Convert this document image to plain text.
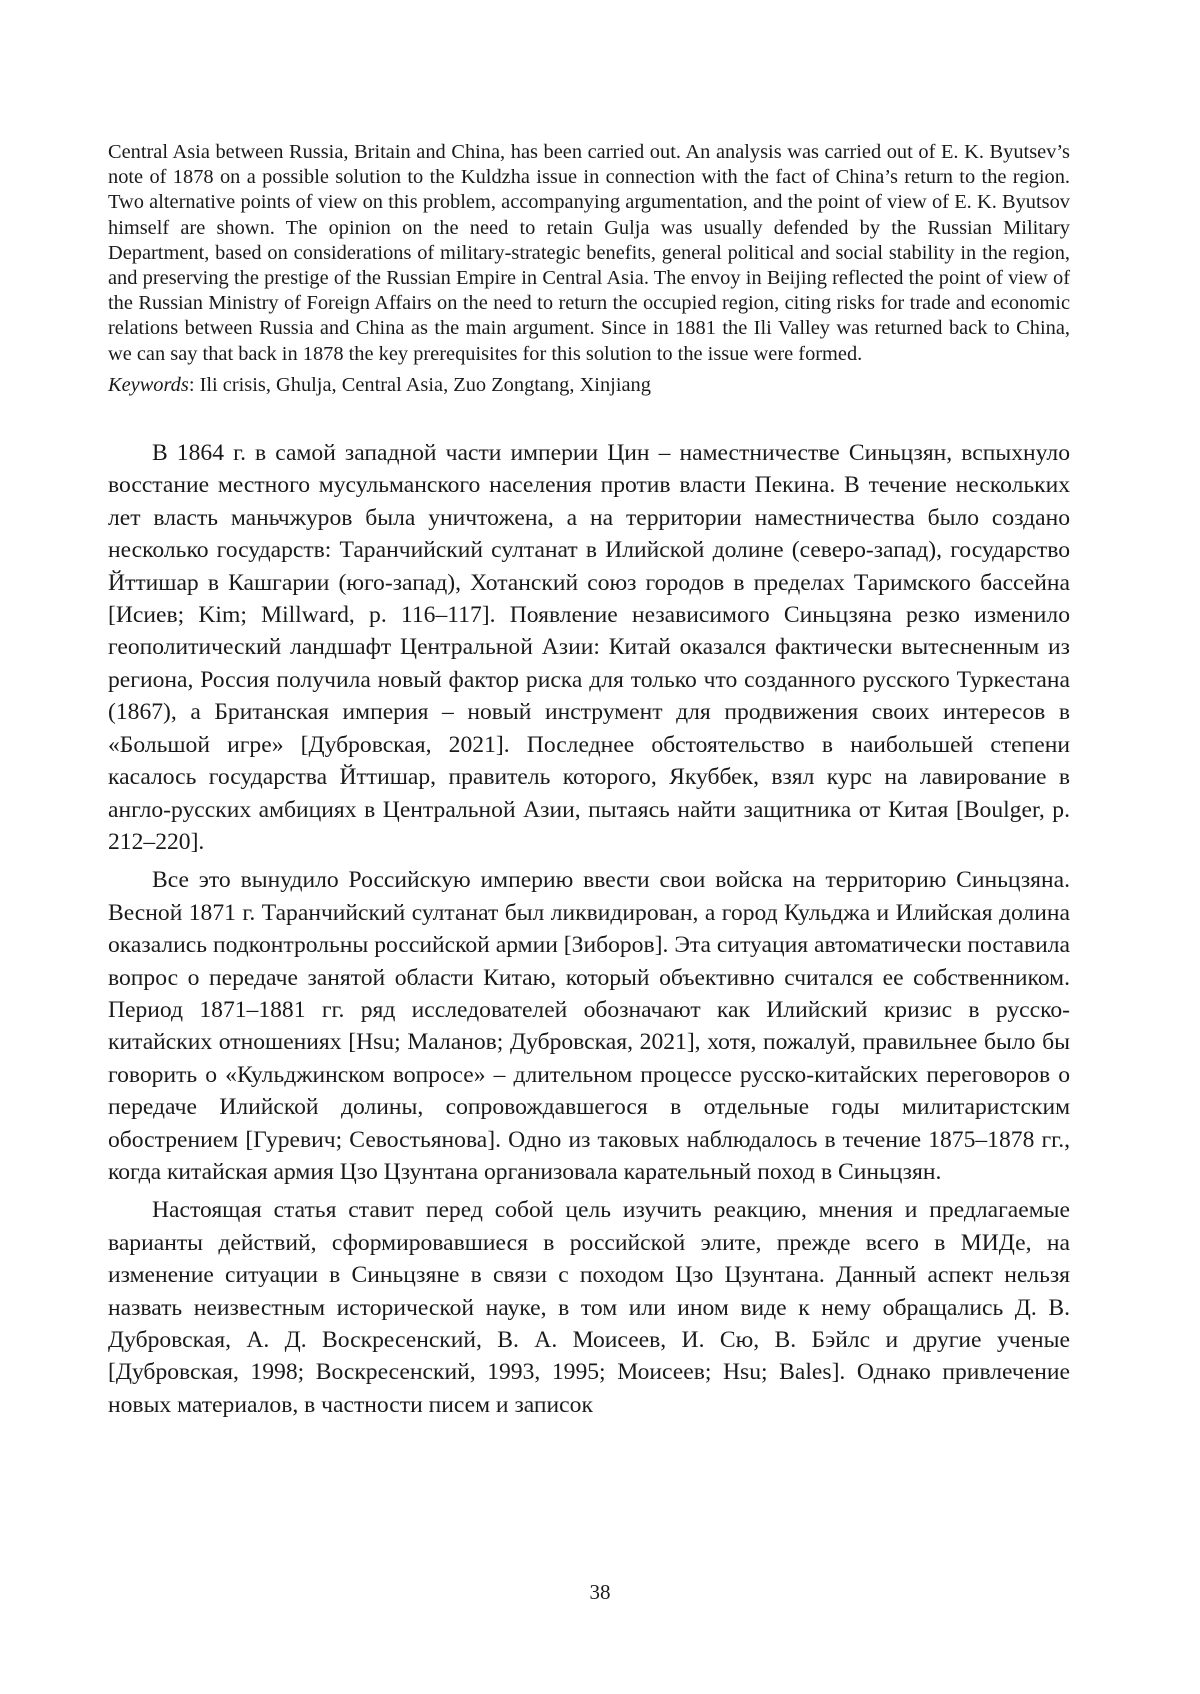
Central Asia between Russia, Britain and China, has been carried out. An analysis was carried out of E. K. Byutsev’s note of 1878 on a possible solution to the Kuldzha issue in connection with the fact of China’s return to the region. Two alternative points of view on this problem, accompanying argumentation, and the point of view of E. K. Byutsov himself are shown. The opinion on the need to retain Gulja was usually defended by the Russian Military Department, based on considerations of military-strategic benefits, general political and social stability in the region, and preserving the prestige of the Russian Empire in Central Asia. The envoy in Beijing reflected the point of view of the Russian Ministry of Foreign Affairs on the need to return the occupied region, citing risks for trade and economic relations between Russia and China as the main argument. Since in 1881 the Ili Valley was returned back to China, we can say that back in 1878 the key prerequisites for this solution to the issue were formed.

Keywords: Ili crisis, Ghulja, Central Asia, Zuo Zongtang, Xinjiang

В 1864 г. в самой западной части империи Цин – наместничестве Синьцзян, вспыхнуло восстание местного мусульманского населения против власти Пекина. В течение нескольких лет власть маньчжуров была уничтожена, а на территории наместничества было создано несколько государств: Таранчийский султанат в Илийской долине (северо-запад), государство Йттишар в Кашгарии (юго-запад), Хотанский союз городов в пределах Таримского бассейна [Исиев; Kim; Millward, p. 116–117]. Появление независимого Синьцзяна резко изменило геополитический ландшафт Центральной Азии: Китай оказался фактически вытесненным из региона, Россия получила новый фактор риска для только что созданного русского Туркестана (1867), а Британская империя – новый инструмент для продвижения своих интересов в «Большой игре» [Дубровская, 2021]. Последнее обстоятельство в наибольшей степени касалось государства Йттишар, правитель которого, Якуббек, взял курс на лавирование в англо-русских амбициях в Центральной Азии, пытаясь найти защитника от Китая [Boulger, p. 212–220].

Все это вынудило Российскую империю ввести свои войска на территорию Синьцзяна. Весной 1871 г. Таранчийский султанат был ликвидирован, а город Кульджа и Илийская долина оказались подконтрольны российской армии [Зиборов]. Эта ситуация автоматически поставила вопрос о передаче занятой области Китаю, который объективно считался ее собственником. Период 1871–1881 гг. ряд исследователей обозначают как Илийский кризис в русско-китайских отношениях [Hsu; Маланов; Дубровская, 2021], хотя, пожалуй, правильнее было бы говорить о «Кульджинском вопросе» – длительном процессе русско-китайских переговоров о передаче Илийской долины, сопровождавшегося в отдельные годы милитаристским обострением [Гуревич; Севостьянова]. Одно из таковых наблюдалось в течение 1875–1878 гг., когда китайская армия Цзо Цзунтана организовала карательный поход в Синьцзян.

Настоящая статья ставит перед собой цель изучить реакцию, мнения и предлагаемые варианты действий, сформировавшиеся в российской элите, прежде всего в МИДе, на изменение ситуации в Синьцзяне в связи с походом Цзо Цзунтана. Данный аспект нельзя назвать неизвестным исторической науке, в том или ином виде к нему обращались Д. В. Дубровская, А. Д. Воскресенский, В. А. Моисеев, И. Сю, В. Бэйлс и другие ученые [Дубровская, 1998; Воскресенский, 1993, 1995; Моисеев; Hsu; Bales]. Однако привлечение новых материалов, в частности писем и записок

38
